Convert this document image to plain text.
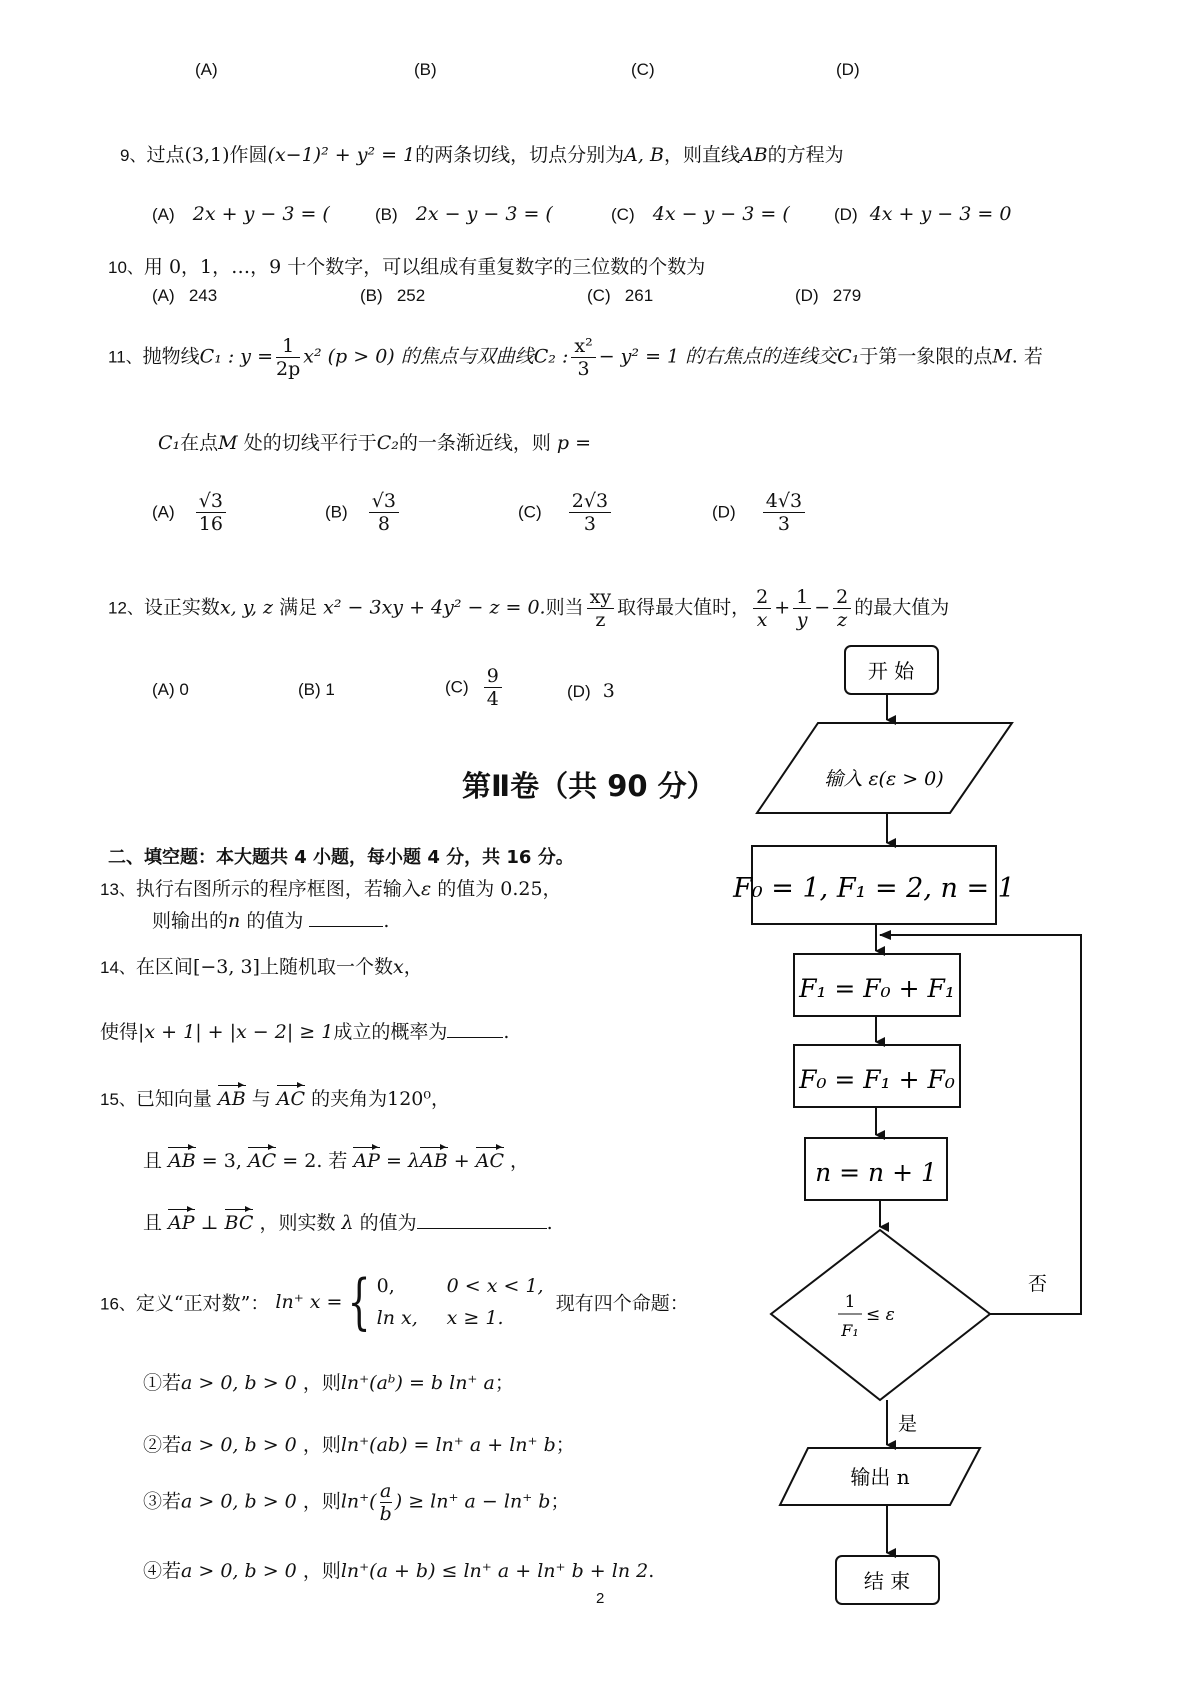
(A)	(B)	(C)	(D)
9、过点(3,1)作圆(x−1)² + y² = 1的两条切线，切点分别为A, B，则直线AB的方程为
(A) 2x + y − 3 = (	(B) 2x − y − 3 = (	(C) 4x − y − 3 = (	(D) 4x + y − 3 = 0
10、用 0，1，…，9 十个数字，可以组成有重复数字的三位数的个数为
(A) 243	(B) 252	(C) 261	(D) 279
11、抛物线C₁ : $y = \frac{1}{2p} x^2$ (p > 0) 的焦点与双曲线C₂ : $\frac{\text{x²}}{3} - y^2 = 1$ 的右焦点的连线交C₁于第一象限的点M. 若
C₁在点M 处的切线平行于C₂的一条渐近线，则 p =
$(A) \frac{√3}{16}$	$(B) \frac{√3}{8}$	$(C) \frac{2√3}{3}$	$(D) \frac{4√3}{3}$
12、设正实数x, y, z 满足 x² − 3xy + 4y² − z = 0.则当 $\frac{xy}{z}$ 取得最大值时， $\frac{2}{x} + \frac{1}{y} - \frac{2}{z}$ 的最大值为
(A) 0	(B) 1	$(C) \frac{9}{4}$	(D) 3
第Ⅱ卷（共 90 分）
二、填空题：本大题共 4 小题，每小题 4 分，共 16 分。
13、执行右图所示的程序框图，若输入ε 的值为 0.25，
则输出的n 的值为	.
14、在区间[−3, 3]上随机取一个数x，
使得|x + 1| + |x − 2| ≥ 1成立的概率为	.
15、已知向量 AB 与 AC 的夹角为120⁰，
且 AB = 3, AC = 2. 若 AP = λAB + AC ，
且 AP ⊥ BC ，则实数 λ 的值为	.
16、定义“正对数”： ln⁺ x ={ 0,	0 < x < 1,
ln x, x ≥ 1.
现有四个命题：
①若a > 0, b > 0 ，则ln⁺(aᵇ) = b ln⁺ a；
②若a > 0, b > 0 ，则ln⁺(ab) = ln⁺ a + ln⁺ b；
③若a > 0, b > 0 ，则$\ln^+( \frac{a}{b}$ ) ≥ ln⁺ a − ln⁺ b；
④若a > 0, b > 0 ，则ln⁺(a + b) ≤ ln⁺ a + ln⁺ b + ln 2.
开 始
输入 ε(ε > 0)
F₀ = 1, F₁ = 2, n = 1
F₁ = F₀ + F₁
F₀ = F₁ + F₀
n = n + 1
1
F₁
≤ ε
否
是
输出 n
结 束
2
